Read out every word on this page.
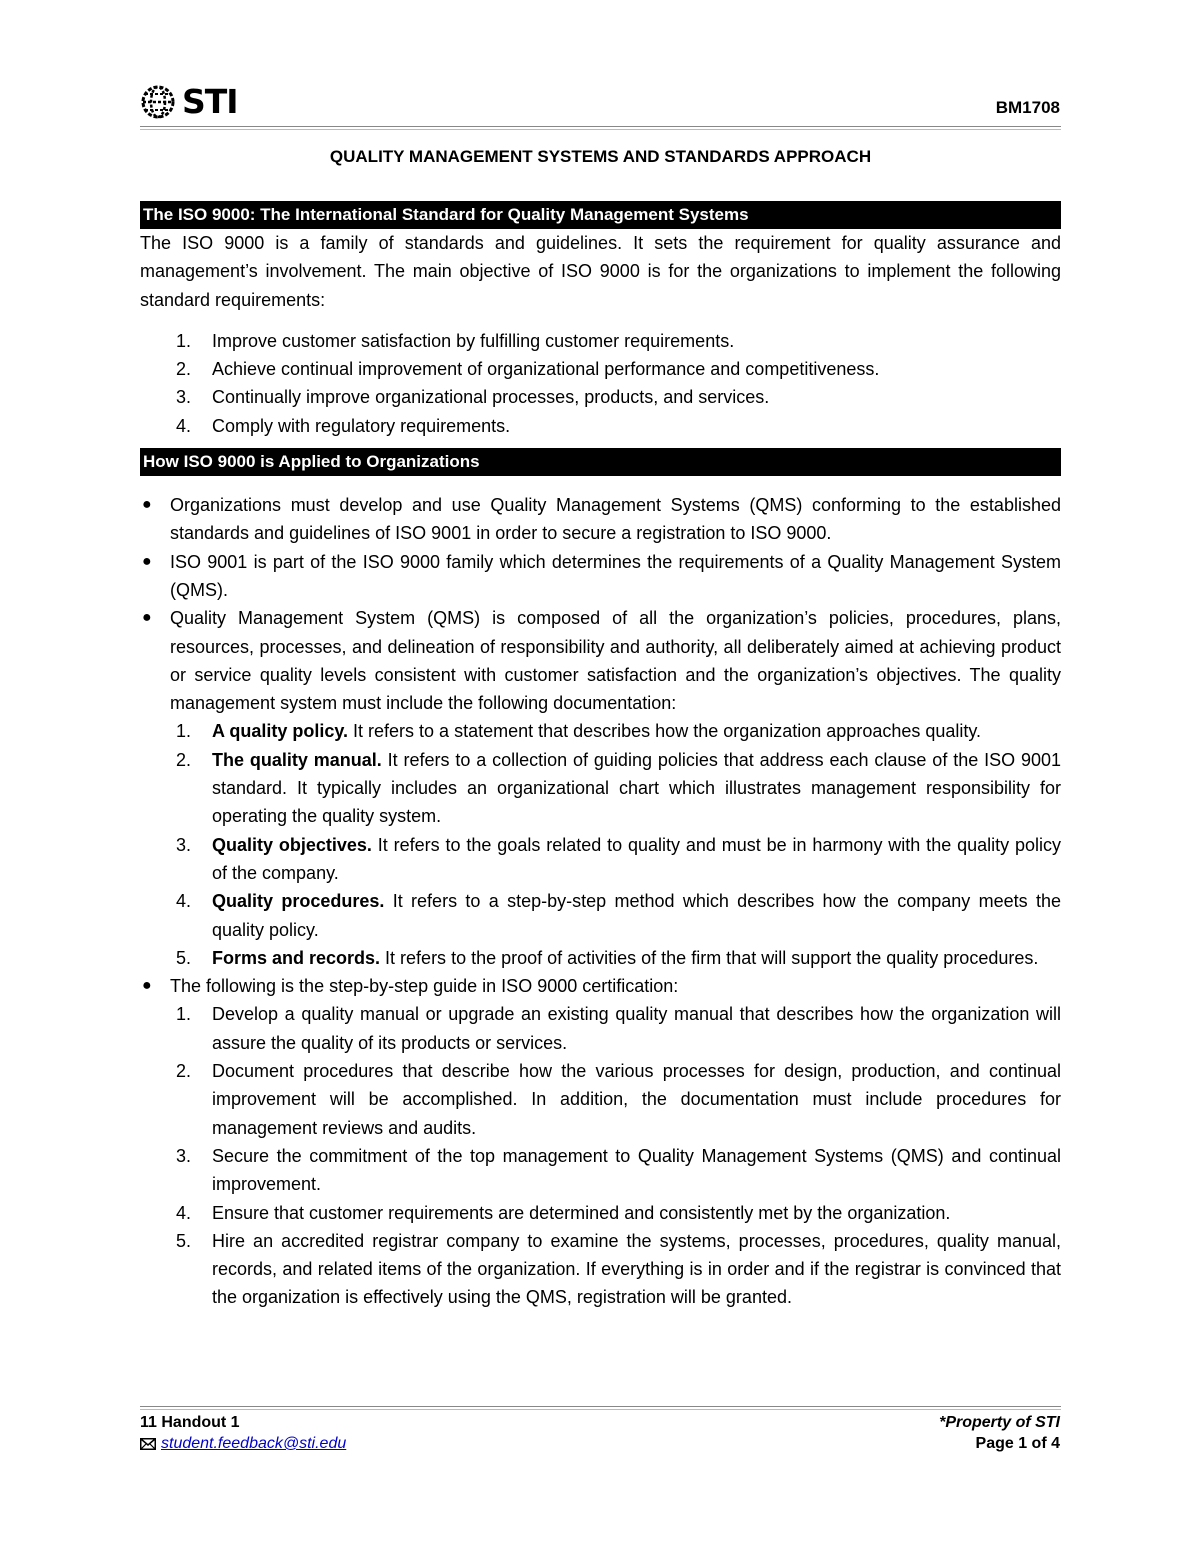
STI	BM1708
QUALITY MANAGEMENT SYSTEMS AND STANDARDS APPROACH
The ISO 9000: The International Standard for Quality Management Systems

The ISO 9000 is a family of standards and guidelines. It sets the requirement for quality assurance and management’s involvement. The main objective of ISO 9000 is for the organizations to implement the following standard requirements:

1. Improve customer satisfaction by fulfilling customer requirements.
2. Achieve continual improvement of organizational performance and competitiveness.
3. Continually improve organizational processes, products, and services.
4. Comply with regulatory requirements.
How ISO 9000 is Applied to Organizations
● Organizations must develop and use Quality Management Systems (QMS) conforming to the established standards and guidelines of ISO 9001 in order to secure a registration to ISO 9000.
● ISO 9001 is part of the ISO 9000 family which determines the requirements of a Quality Management System (QMS).
● Quality Management System (QMS) is composed of all the organization’s policies, procedures, plans, resources, processes, and delineation of responsibility and authority, all deliberately aimed at achieving product or service quality levels consistent with customer satisfaction and the organization’s objectives. The quality management system must include the following documentation:
1. A quality policy. It refers to a statement that describes how the organization approaches quality.
2. The quality manual. It refers to a collection of guiding policies that address each clause of the ISO 9001 standard. It typically includes an organizational chart which illustrates management responsibility for operating the quality system.
3. Quality objectives. It refers to the goals related to quality and must be in harmony with the quality policy of the company.
4. Quality procedures. It refers to a step-by-step method which describes how the company meets the quality policy.
5. Forms and records. It refers to the proof of activities of the firm that will support the quality procedures.
● The following is the step-by-step guide in ISO 9000 certification:
1. Develop a quality manual or upgrade an existing quality manual that describes how the organization will assure the quality of its products or services.
2. Document procedures that describe how the various processes for design, production, and continual improvement will be accomplished. In addition, the documentation must include procedures for management reviews and audits.
3. Secure the commitment of the top management to Quality Management Systems (QMS) and continual improvement.
4. Ensure that customer requirements are determined and consistently met by the organization.
5. Hire an accredited registrar company to examine the systems, processes, procedures, quality manual, records, and related items of the organization. If everything is in order and if the registrar is convinced that the organization is effectively using the QMS, registration will be granted.
11 Handout 1
student.feedback@sti.edu
*Property of STI
Page 1 of 4
